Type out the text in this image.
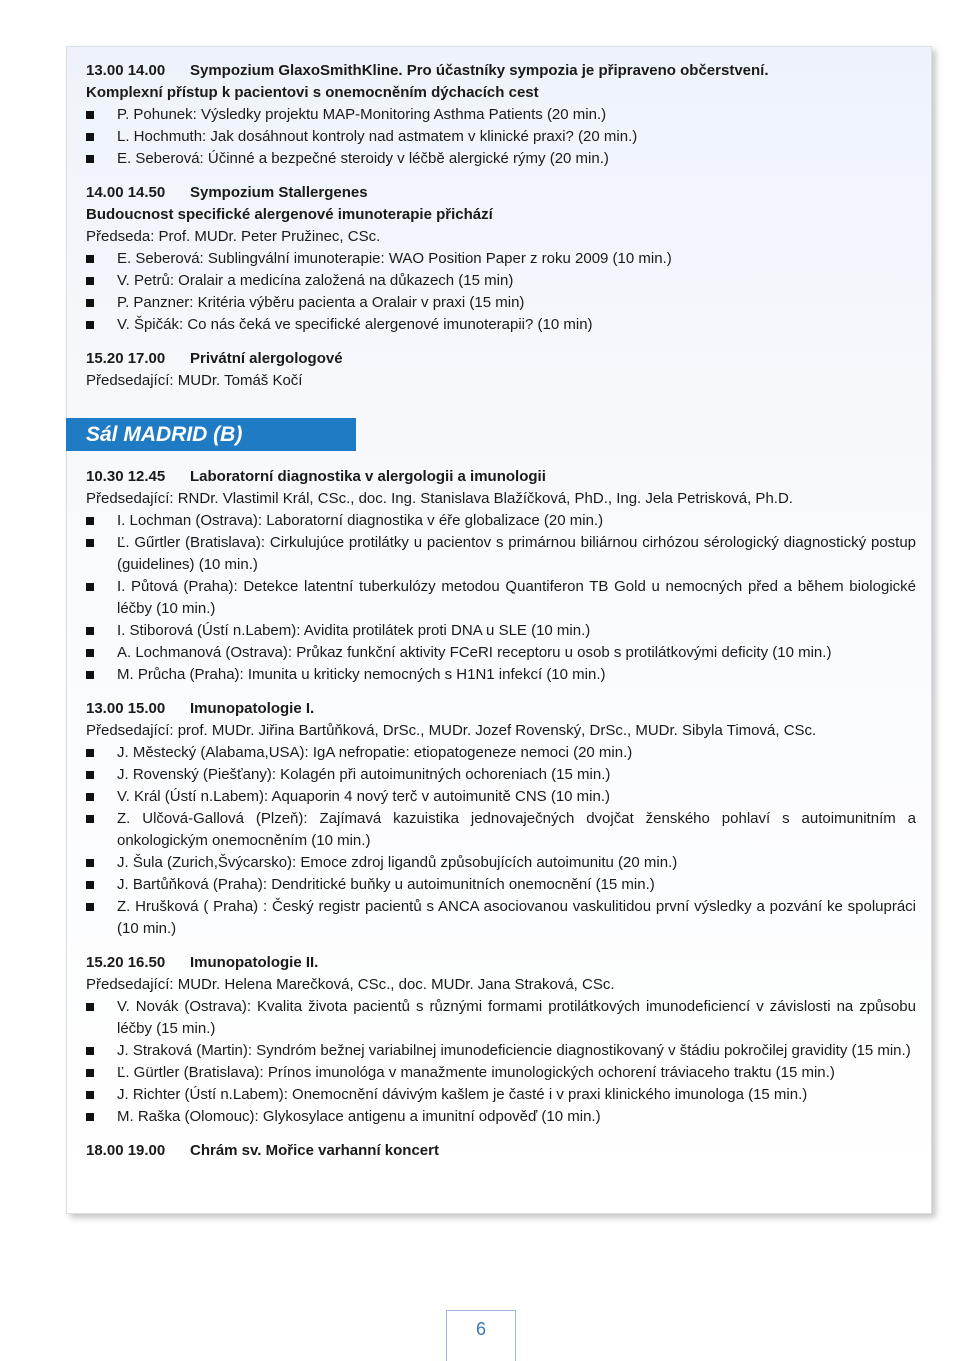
Sál MADRID (B)
13.00 14.00 Sympozium GlaxoSmithKline. Pro účastníky sympozia je připraveno občerstvení.
Komplexní přístup k pacientovi s onemocněním dýchacích cest
P. Pohunek: Výsledky projektu MAP-Monitoring Asthma Patients (20 min.)
L. Hochmuth: Jak dosáhnout kontroly nad astmatem v klinické praxi? (20 min.)
E. Seberová: Účinné a bezpečné steroidy v léčbě alergické rýmy (20 min.)
14.00 14.50 Sympozium Stallergenes
Budoucnost specifické alergenové imunoterapie přichází
Předseda: Prof. MUDr. Peter Pružinec, CSc.
E. Seberová: Sublingvální imunoterapie: WAO Position Paper z roku 2009 (10 min.)
V. Petrů: Oralair a medicína založená na důkazech (15 min)
P. Panzner: Kritéria výběru pacienta a Oralair v praxi (15 min)
V. Špičák: Co nás čeká ve specifické alergenové imunoterapii? (10 min)
15.20 17.00 Privátní alergologové
Předsedající: MUDr. Tomáš Kočí
10.30 12.45 Laboratorní diagnostika v alergologii a imunologii
Předsedající: RNDr. Vlastimil Král, CSc., doc. Ing. Stanislava Blažíčková, PhD., Ing. Jela Petrisková, Ph.D.
I. Lochman (Ostrava): Laboratorní diagnostika v éře globalizace (20 min.)
Ľ. Gűrtler (Bratislava): Cirkulujúce protilátky u pacientov s primárnou biliárnou cirhózou sérologický diagnostický postup (guidelines) (10 min.)
I. Půtová (Praha): Detekce latentní tuberkulózy metodou Quantiferon TB Gold u nemocných před a během biologické léčby (10 min.)
I. Stiborová (Ústí n.Labem): Avidita protilátek proti DNA u SLE (10 min.)
A. Lochmanová (Ostrava): Průkaz funkční aktivity FCeRI receptoru u osob s protilátkovými deficity (10 min.)
M. Průcha (Praha): Imunita u kriticky nemocných s H1N1 infekcí (10 min.)
13.00 15.00 Imunopatologie I.
Předsedající: prof. MUDr. Jiřina Bartůňková, DrSc., MUDr. Jozef Rovenský, DrSc., MUDr. Sibyla Timová, CSc.
J. Městecký (Alabama,USA): IgA nefropatie: etiopatogeneze nemoci (20 min.)
J. Rovenský (Piešťany): Kolagén při autoimunitných ochoreniach (15 min.)
V. Král (Ústí n.Labem): Aquaporin 4 nový terč v autoimunitě CNS (10 min.)
Z. Ulčová-Gallová (Plzeň): Zajímavá kazuistika jednovaječných dvojčat ženského pohlaví s autoimunitním a onkologickým onemocněním (10 min.)
J. Šula (Zurich,Švýcarsko): Emoce zdroj ligandů způsobujících autoimunitu (20 min.)
J. Bartůňková (Praha): Dendritické buňky u autoimunitních onemocnění (15 min.)
Z. Hrušková ( Praha) : Český registr pacientů s ANCA asociovanou vaskulitidou první výsledky a pozvání ke spolupráci (10 min.)
15.20 16.50 Imunopatologie II.
Předsedající: MUDr. Helena Marečková, CSc., doc. MUDr. Jana Straková, CSc.
V. Novák (Ostrava): Kvalita života pacientů s různými formami protilátkových imunodeficiencí v závislosti na způsobu léčby (15 min.)
J. Straková (Martin): Syndróm bežnej variabilnej imunodeficiencie diagnostikovaný v štádiu pokročilej gravidity (15 min.)
Ľ. Gürtler (Bratislava): Prínos imunológa v manažmente imunologických ochorení tráviaceho traktu (15 min.)
J. Richter (Ústí n.Labem): Onemocnění dávivým kašlem je časté i v praxi klinického imunologa (15 min.)
M. Raška (Olomouc): Glykosylace antigenu a imunitní odpověď (10 min.)
18.00 19.00 Chrám sv. Mořice varhanní koncert
6
